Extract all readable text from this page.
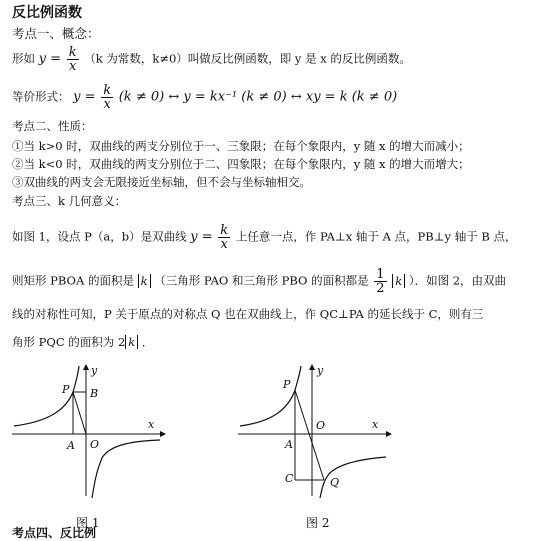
反比例函数
考点一、概念：
形如 $y = \frac{k}{x} (k$ 为常数，k≠0）叫做反比例函数，即 y 是 x 的反比例函数。
等价形式： $y = \frac{k}{x} (k \ne 0)$ ↔ y = kx⁻¹ (k ≠ 0) ↔ xy = k (k ≠ 0)
考点二、性质：
①当 k>0 时，双曲线的两支分别位于一、三象限；在每个象限内，y 随 x 的增大而减小；
②当 k<0 时，双曲线的两支分别位于二、四象限；在每个象限内，y 随 x 的增大而增大；
③双曲线的两支会无限接近坐标轴，但不会与坐标轴相交。
考点三、k 几何意义：
如图 1，设点 P（a，b）是双曲线 $y = \frac{k}{x}$ 上任意一点，作 PA⊥x 轴于 A 点，PB⊥y 轴于 B 点，
则矩形 PBOA 的面积是 k （三角形 PAO 和三角形 PBO 的面积都是 $\frac{1}{2}$ k ）．如图 2，由双曲
线的对称性可知，P 关于原点的对称点 Q 也在双曲线上，作 QC⊥PA 的延长线于 C，则有三
角形 PQC 的面积为 2 k ．
P B
A O
x
y
图 1
P
A
O
C	Q
x
y
图 2
考点四、反比例
